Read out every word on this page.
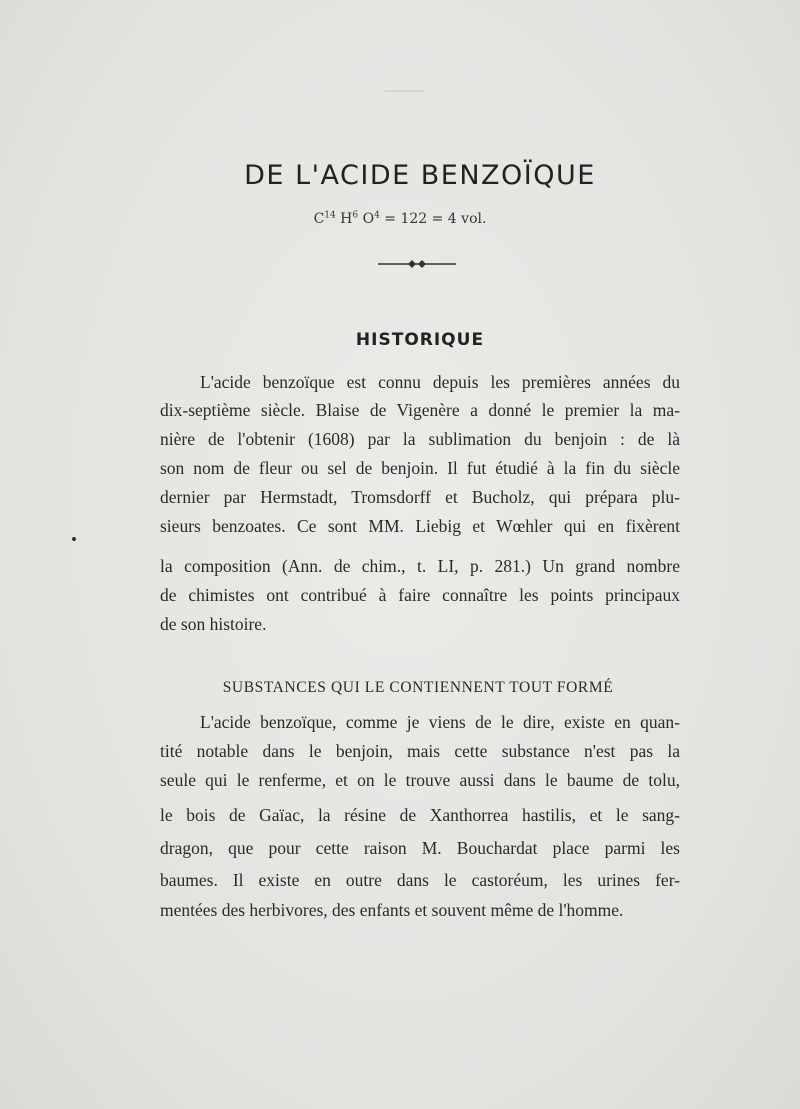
DE L'ACIDE BENZOÏQUE
$C^{14}$ $H^6$ $O^4 = 122 = 4$ vol.
HISTORIQUE
L'acide benzoïque est connu depuis les premières années du
dix-septième siècle. Blaise de Vigenère a donné le premier la ma-
nière de l'obtenir (1608) par la sublimation du benjoin : de là
son nom de fleur ou sel de benjoin. Il fut étudié à la fin du siècle
dernier par Hermstadt, Tromsdorff et Bucholz, qui prépara plu-
sieurs benzoates. Ce sont MM. Liebig et Wœhler qui en fixèrent
la composition (Ann. de chim., t. LI, p. 281.) Un grand nombre
de chimistes ont contribué à faire connaître les points principaux
de son histoire.
SUBSTANCES QUI LE CONTIENNENT TOUT FORMÉ
L'acide benzoïque, comme je viens de le dire, existe en quan-
tité notable dans le benjoin, mais cette substance n'est pas la
seule qui le renferme, et on le trouve aussi dans le baume de tolu,
le bois de Gaïac, la résine de Xanthorrea hastilis, et le sang-
dragon, que pour cette raison M. Bouchardat place parmi les
baumes. Il existe en outre dans le castoréum, les urines fer-
mentées des herbivores, des enfants et souvent même de l'homme.
